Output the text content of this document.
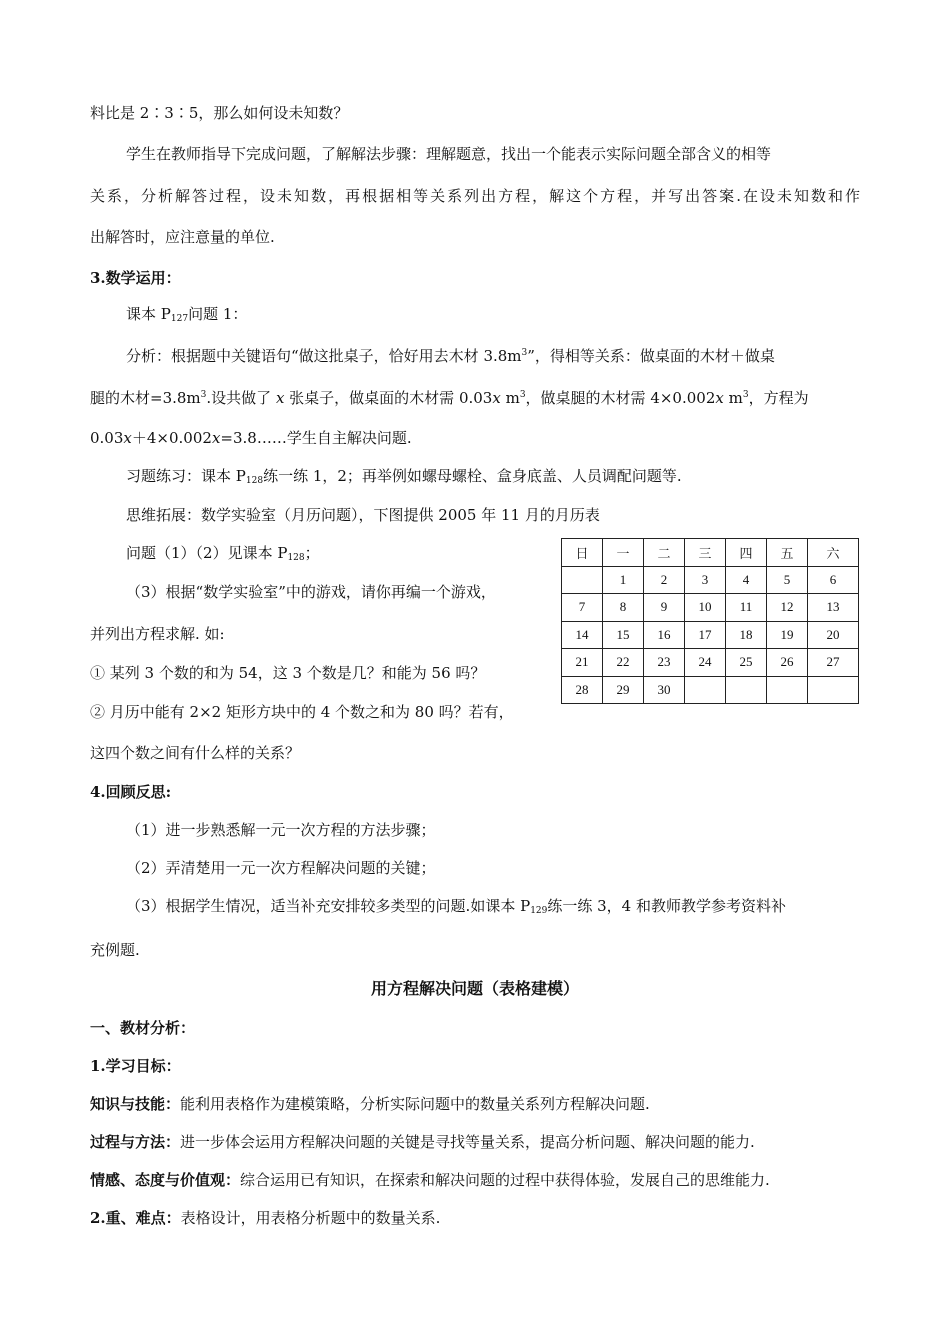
料比是 2∶3∶5，那么如何设未知数？
学生在教师指导下完成问题，了解解法步骤：理解题意，找出一个能表示实际问题全部含义的相等
关系，分析解答过程，设未知数，再根据相等关系列出方程，解这个方程，并写出答案.在设未知数和作
出解答时，应注意量的单位.
3.数学运用：
课本 $P_{127}$问题 1：
分析：根据题中关键语句“做这批桌子，恰好用去木材 $3.8m^3$”，得相等关系：做桌面的木材＋做桌
腿的木材$=3.8m^3$.设共做了 x 张桌子，做桌面的木材需 0.03x $m^3$，做桌腿的木材需 4×0.002x $m^3$，方程为
0.03x＋4×0.002x=3.8……学生自主解决问题.
习题练习：课本 $P_{128}$练一练 1，2；再举例如螺母螺栓、盒身底盖、人员调配问题等.
思维拓展：数学实验室（月历问题），下图提供 2005 年 11 月的月历表
问题（1）（2）见课本 $P_{128}$；
（3）根据“数学实验室”中的游戏，请你再编一个游戏，
并列出方程求解. 如:
① 某列 3 个数的和为 54，这 3 个数是几？和能为 56 吗？
② 月历中能有 2×2 矩形方块中的 4 个数之和为 80 吗？若有，
这四个数之间有什么样的关系？
日	一	二	三	四	五	六
	1	2	3	4	5	6
7	8	9	10	11	12	13
14	15	16	17	18	19	20
21	22	23	24	25	26	27
28	29	30				
4.回顾反思:
（1）进一步熟悉解一元一次方程的方法步骤；
（2）弄清楚用一元一次方程解决问题的关键；
（3）根据学生情况，适当补充安排较多类型的问题.如课本 $P_{129}$练一练 3，4 和教师教学参考资料补
充例题.
用方程解决问题（表格建模）
一、教材分析：
1.学习目标：
知识与技能：能利用表格作为建模策略，分析实际问题中的数量关系列方程解决问题.
过程与方法：进一步体会运用方程解决问题的关键是寻找等量关系，提高分析问题、解决问题的能力.
情感、态度与价值观：综合运用已有知识，在探索和解决问题的过程中获得体验，发展自己的思维能力.
2.重、难点：表格设计，用表格分析题中的数量关系.
